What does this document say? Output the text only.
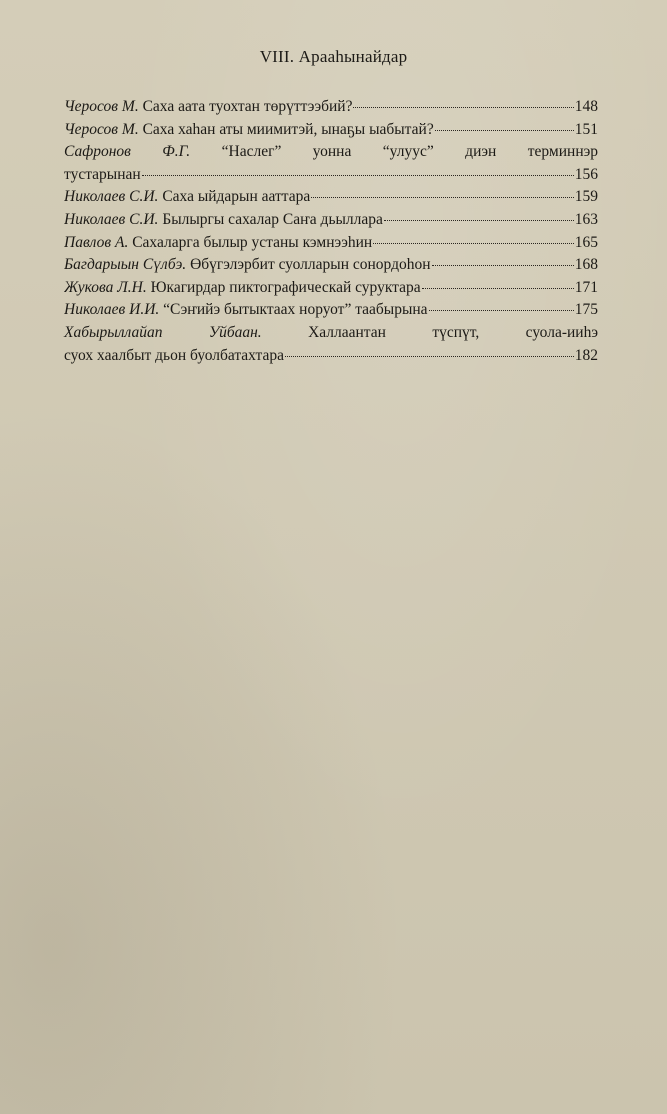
VIII. Арааһынайдар
Черосов М. Саха аата туохтан төрүттээбий?	148
Черосов М. Саха хаһан аты миимитэй, ынаҕы ыабытай?	151
Сафронов Ф.Г. “Наслег” уонна “улуус” диэн терминнэр
тустарынан	156
Николаев С.И. Саха ыйдарын ааттара	159
Николаев С.И. Былыргы сахалар Саҥа дьыллара	163
Павлов А. Сахаларга былыр устаны кэмнээһин	165
Багдарыын Сүлбэ. Өбүгэлэрбит суолларын сонордоһон	168
Жукова Л.Н. Юкагирдар пиктографическай суруктара	171
Николаев И.И. “Сэҥийэ бытыктаах норуот” таабырына	175
Хабырыллайап Уйбаан.	Халлаантан түспүт, суола-ииһэ
суох хаалбыт дьон буолбатахтара	182
